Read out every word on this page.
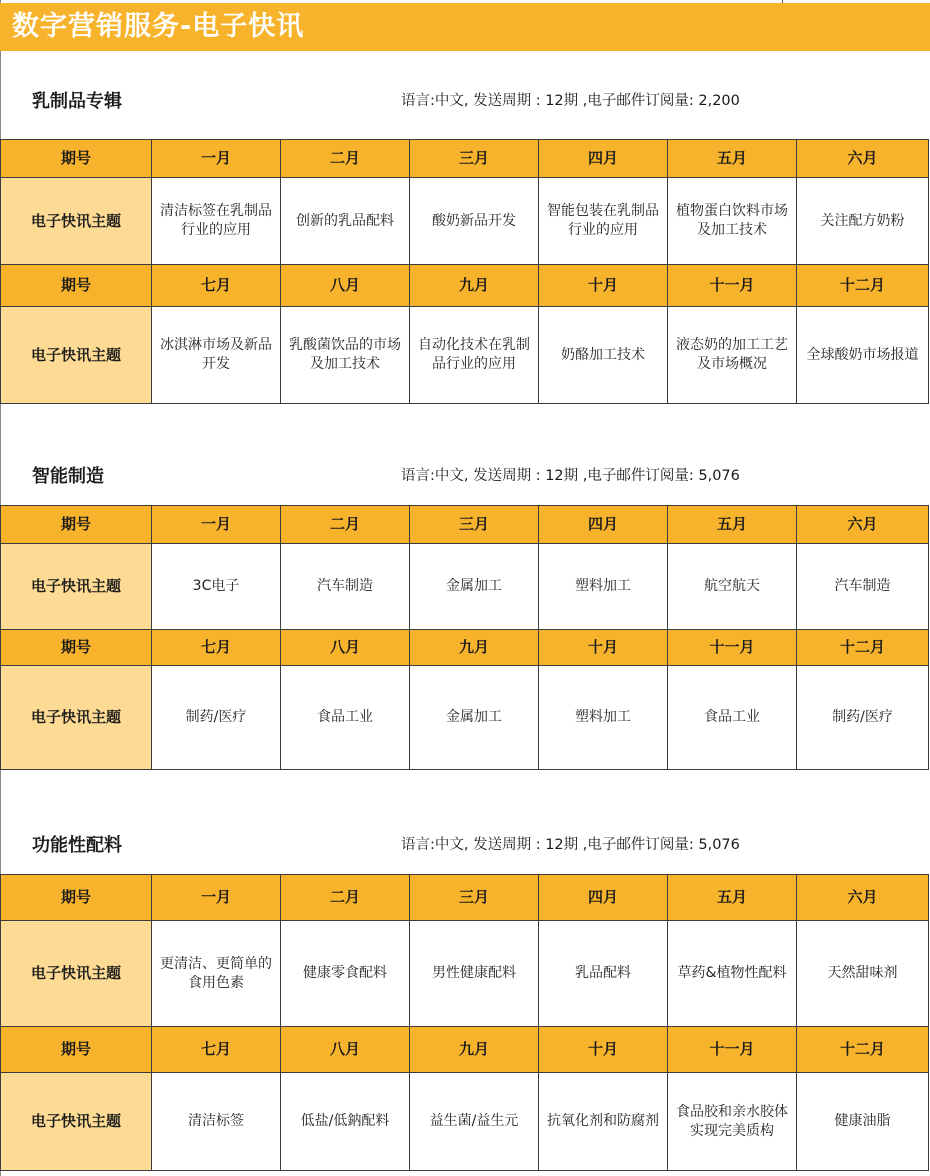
数字营销服务-电子快讯
乳制品专辑	语言:中文, 发送周期 : 12期 ,电子邮件订阅量: 2,200
期号	一月	二月	三月	四月	五月	六月
电子快讯主题	清洁标签在乳制品行业的应用	创新的乳品配料	酸奶新品开发	智能包装在乳制品行业的应用	植物蛋白饮料市场及加工技术	关注配方奶粉
期号	七月	八月	九月	十月	十一月	十二月
电子快讯主题	冰淇淋市场及新品开发	乳酸菌饮品的市场及加工技术	自动化技术在乳制品行业的应用	奶酪加工技术	液态奶的加工工艺及市场概况	全球酸奶市场报道
智能制造	语言:中文, 发送周期 : 12期 ,电子邮件订阅量: 5,076
期号	一月	二月	三月	四月	五月	六月
电子快讯主题	3C电子	汽车制造	金属加工	塑料加工	航空航天	汽车制造
期号	七月	八月	九月	十月	十一月	十二月
电子快讯主题	制药/医疗	食品工业	金属加工	塑料加工	食品工业	制药/医疗
功能性配料	语言:中文, 发送周期 : 12期 ,电子邮件订阅量: 5,076
期号	一月	二月	三月	四月	五月	六月
电子快讯主题	更清洁、更简单的食用色素	健康零食配料	男性健康配料	乳品配料	草药&植物性配料	天然甜味剂
期号	七月	八月	九月	十月	十一月	十二月
电子快讯主题	清洁标签	低盐/低鈉配料	益生菌/益生元	抗氧化剂和防腐剂	食品胶和亲水胶体实现完美质构	健康油脂
